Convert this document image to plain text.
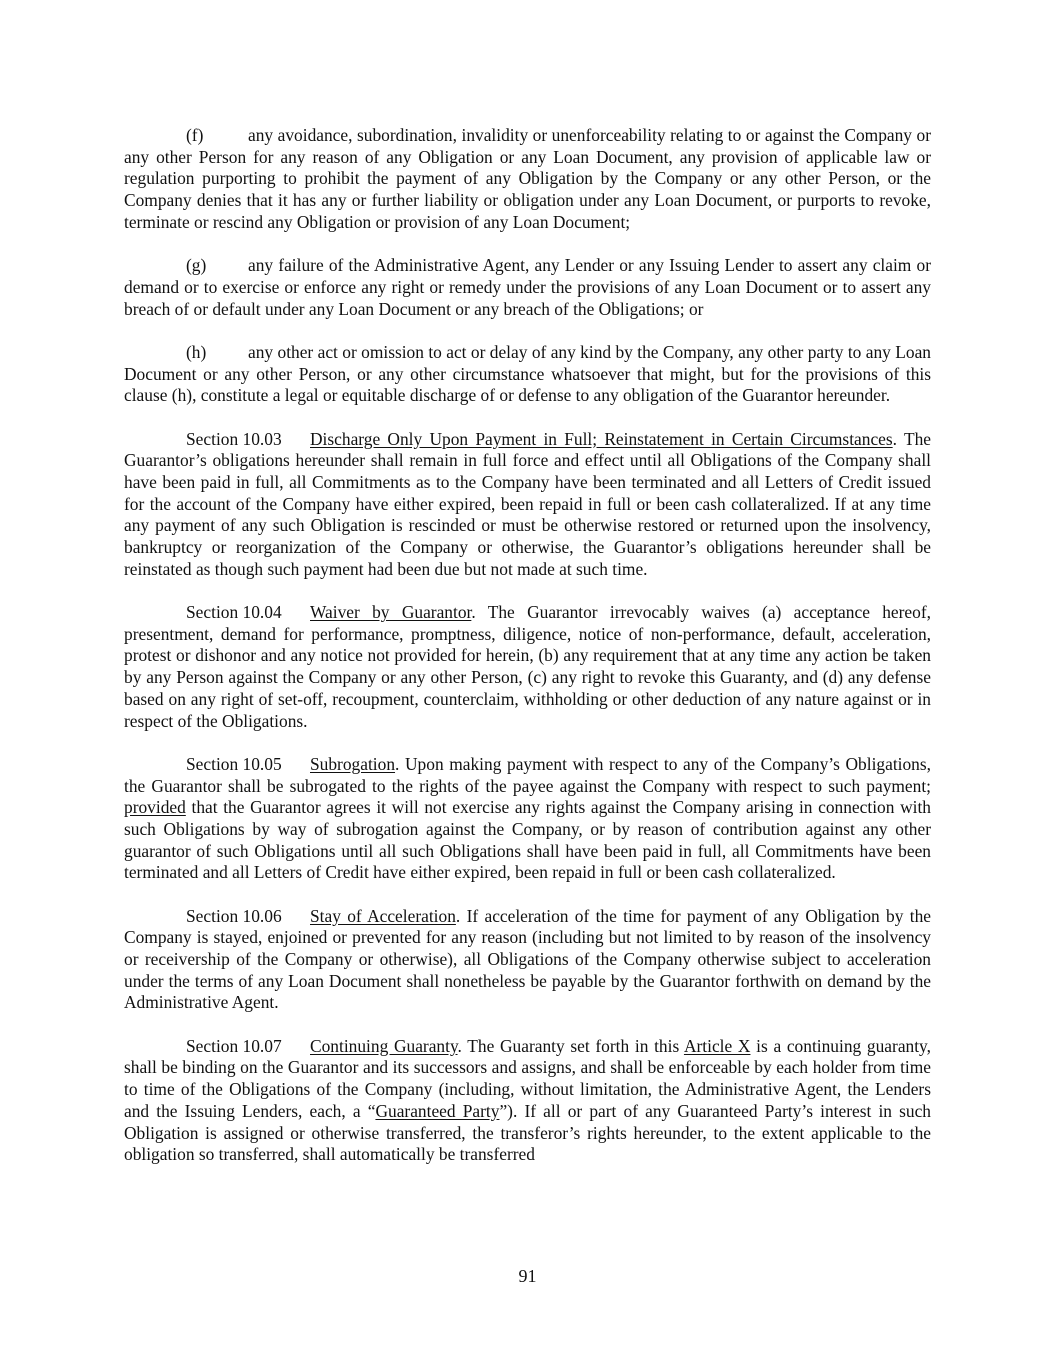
(f)	any avoidance, subordination, invalidity or unenforceability relating to or against the Company or any other Person for any reason of any Obligation or any Loan Document, any provision of applicable law or regulation purporting to prohibit the payment of any Obligation by the Company or any other Person, or the Company denies that it has any or further liability or obligation under any Loan Document, or purports to revoke, terminate or rescind any Obligation or provision of any Loan Document;

(g) any failure of the Administrative Agent, any Lender or any Issuing Lender to assert any claim or demand or to exercise or enforce any right or remedy under the provisions of any Loan Document or to assert any breach of or default under any Loan Document or any breach of the Obligations; or

(h) any other act or omission to act or delay of any kind by the Company, any other party to any Loan Document or any other Person, or any other circumstance whatsoever that might, but for the provisions of this clause (h), constitute a legal or equitable discharge of or defense to any obligation of the Guarantor hereunder.

Section 10.03 Discharge Only Upon Payment in Full; Reinstatement in Certain Circumstances. The Guarantor’s obligations hereunder shall remain in full force and effect until all Obligations of the Company shall have been paid in full, all Commitments as to the Company have been terminated and all Letters of Credit issued for the account of the Company have either expired, been repaid in full or been cash collateralized. If at any time any payment of any such Obligation is rescinded or must be otherwise restored or returned upon the insolvency, bankruptcy or reorganization of the Company or otherwise, the Guarantor’s obligations hereunder shall be reinstated as though such payment had been due but not made at such time.

Section 10.04 Waiver by Guarantor. The Guarantor irrevocably waives (a) acceptance hereof, presentment, demand for performance, promptness, diligence, notice of non-performance, default, acceleration, protest or dishonor and any notice not provided for herein, (b) any requirement that at any time any action be taken by any Person against the Company or any other Person, (c) any right to revoke this Guaranty, and (d) any defense based on any right of set-off, recoupment, counterclaim, withholding or other deduction of any nature against or in respect of the Obligations.

Section 10.05 Subrogation. Upon making payment with respect to any of the Company’s Obligations, the Guarantor shall be subrogated to the rights of the payee against the Company with respect to such payment; provided that the Guarantor agrees it will not exercise any rights against the Company arising in connection with such Obligations by way of subrogation against the Company, or by reason of contribution against any other guarantor of such Obligations until all such Obligations shall have been paid in full, all Commitments have been terminated and all Letters of Credit have either expired, been repaid in full or been cash collateralized.

Section 10.06 Stay of Acceleration. If acceleration of the time for payment of any Obligation by the Company is stayed, enjoined or prevented for any reason (including but not limited to by reason of the insolvency or receivership of the Company or otherwise), all Obligations of the Company otherwise subject to acceleration under the terms of any Loan Document shall nonetheless be payable by the Guarantor forthwith on demand by the Administrative Agent.

Section 10.07 Continuing Guaranty. The Guaranty set forth in this Article X is a continuing guaranty, shall be binding on the Guarantor and its successors and assigns, and shall be enforceable by each holder from time to time of the Obligations of the Company (including, without limitation, the Administrative Agent, the Lenders and the Issuing Lenders, each, a “Guaranteed Party”). If all or part of any Guaranteed Party’s interest in such Obligation is assigned or otherwise transferred, the transferor’s rights hereunder, to the extent applicable to the obligation so transferred, shall automatically be transferred

91
